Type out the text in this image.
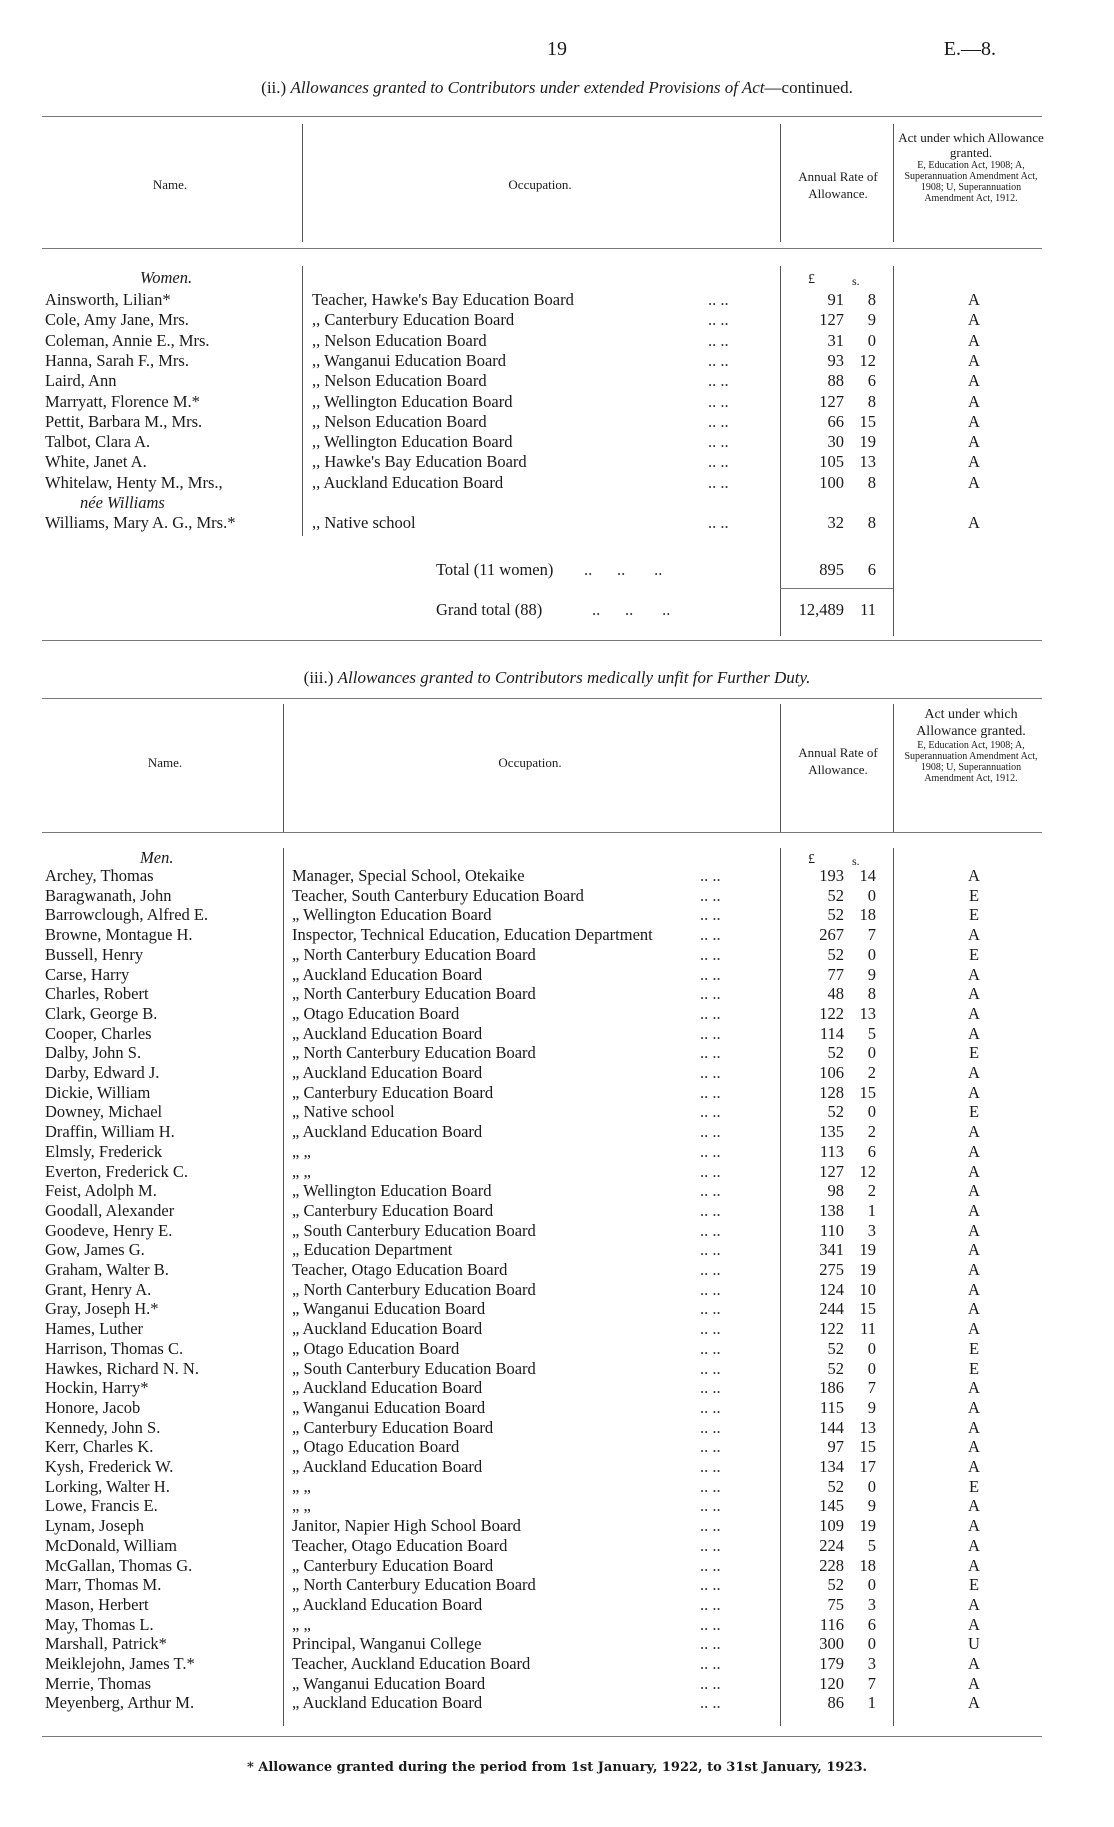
19	E.—8.
(ii.) Allowances granted to Contributors under extended Provisions of Act—continued.
Name.	Occupation.
Annual Rate of Allowance.
Act under which Allowance granted.
E, Education Act, 1908; A, Superannuation Amendment Act, 1908; U, Superannuation Amendment Act, 1912.
Women.	£	s.
Ainsworth, Lilian*	Teacher, Hawke's Bay Education Board	.. ..	91	8	A
Cole, Amy Jane, Mrs.	,, Canterbury Education Board	.. ..	127	9	A
Coleman, Annie E., Mrs.	,, Nelson Education Board	.. ..	31	0	A
Hanna, Sarah F., Mrs.	,, Wanganui Education Board	.. ..	93 12	A
Laird, Ann	,, Nelson Education Board	.. ..	88	6	A
Marryatt, Florence M.*	,, Wellington Education Board	.. ..	127	8	A
Pettit, Barbara M., Mrs.	,, Nelson Education Board	.. ..	66 15	A
Talbot, Clara A.	,, Wellington Education Board	.. ..	30 19	A
White, Janet A.	,, Hawke's Bay Education Board	.. ..	105 13	A
Whitelaw, Henty M., Mrs.,	,, Auckland Education Board	.. ..	100	8	A
née Williams
Williams, Mary A. G., Mrs.*	,, Native school	.. ..	32	8	A
Total (11 women) ..      ..       ..	895	6
Grand total (88)	..      ..       ..	12,489 11
(iii.) Allowances granted to Contributors medically unfit for Further Duty.
Name.	Occupation.
Annual Rate of Allowance.
Act under which Allowance granted.
E, Education Act, 1908; A, Superannuation Amendment Act, 1908; U, Superannuation Amendment Act, 1912.
Men.	£	s.
Archey, Thomas	Manager, Special School, Otekaike	.. ..	193 14	A
Baragwanath, John	Teacher, South Canterbury Education Board	.. ..	52	0	E
Barrowclough, Alfred E.	„ Wellington Education Board	.. ..	52 18	E
Browne, Montague H.	Inspector, Technical Education, Education Department	.. ..	267	7	A
Bussell, Henry	„ North Canterbury Education Board	.. ..	52	0	E
Carse, Harry	„ Auckland Education Board	.. ..	77	9	A
Charles, Robert	„ North Canterbury Education Board	.. ..	48	8	A
Clark, George B.	„ Otago Education Board	.. ..	122 13	A
Cooper, Charles	„ Auckland Education Board	.. ..	114	5	A
Dalby, John S.	„ North Canterbury Education Board	.. ..	52	0	E
Darby, Edward J.	„ Auckland Education Board	.. ..	106	2	A
Dickie, William	„ Canterbury Education Board	.. ..	128 15	A
Downey, Michael	„ Native school	.. ..	52	0	E
Draffin, William H.	„ Auckland Education Board	.. ..	135	2	A
Elmsly, Frederick	„ „	.. ..	113	6	A
Everton, Frederick C.	„ „	.. ..	127 12	A
Feist, Adolph M.	„ Wellington Education Board	.. ..	98	2	A
Goodall, Alexander	„ Canterbury Education Board	.. ..	138	1	A
Goodeve, Henry E.	„ South Canterbury Education Board	.. ..	110	3	A
Gow, James G.	„ Education Department	.. ..	341 19	A
Graham, Walter B.	Teacher, Otago Education Board	.. ..	275 19	A
Grant, Henry A.	„ North Canterbury Education Board	.. ..	124 10	A
Gray, Joseph H.*	„ Wanganui Education Board	.. ..	244 15	A
Hames, Luther	„ Auckland Education Board	.. ..	122 11	A
Harrison, Thomas C.	„ Otago Education Board	.. ..	52	0	E
Hawkes, Richard N. N.	„ South Canterbury Education Board	.. ..	52	0	E
Hockin, Harry*	„ Auckland Education Board	.. ..	186	7	A
Honore, Jacob	„ Wanganui Education Board	.. ..	115	9	A
Kennedy, John S.	„ Canterbury Education Board	.. ..	144 13	A
Kerr, Charles K.	„ Otago Education Board	.. ..	97 15	A
Kysh, Frederick W.	„ Auckland Education Board	.. ..	134 17	A
Lorking, Walter H.	„ „	.. ..	52	0	E
Lowe, Francis E.	„ „	.. ..	145	9	A
Lynam, Joseph	Janitor, Napier High School Board	.. ..	109 19	A
McDonald, William	Teacher, Otago Education Board	.. ..	224	5	A
McGallan, Thomas G.	„ Canterbury Education Board	.. ..	228 18	A
Marr, Thomas M.	„ North Canterbury Education Board	.. ..	52	0	E
Mason, Herbert	„ Auckland Education Board	.. ..	75	3	A
May, Thomas L.	„ „	.. ..	116	6	A
Marshall, Patrick*	Principal, Wanganui College	.. ..	300	0	U
Meiklejohn, James T.*	Teacher, Auckland Education Board	.. ..	179	3	A
Merrie, Thomas	„ Wanganui Education Board	.. ..	120	7	A
Meyenberg, Arthur M.	„ Auckland Education Board	.. ..	86	1	A
* Allowance granted during the period from 1st January, 1922, to 31st January, 1923.
